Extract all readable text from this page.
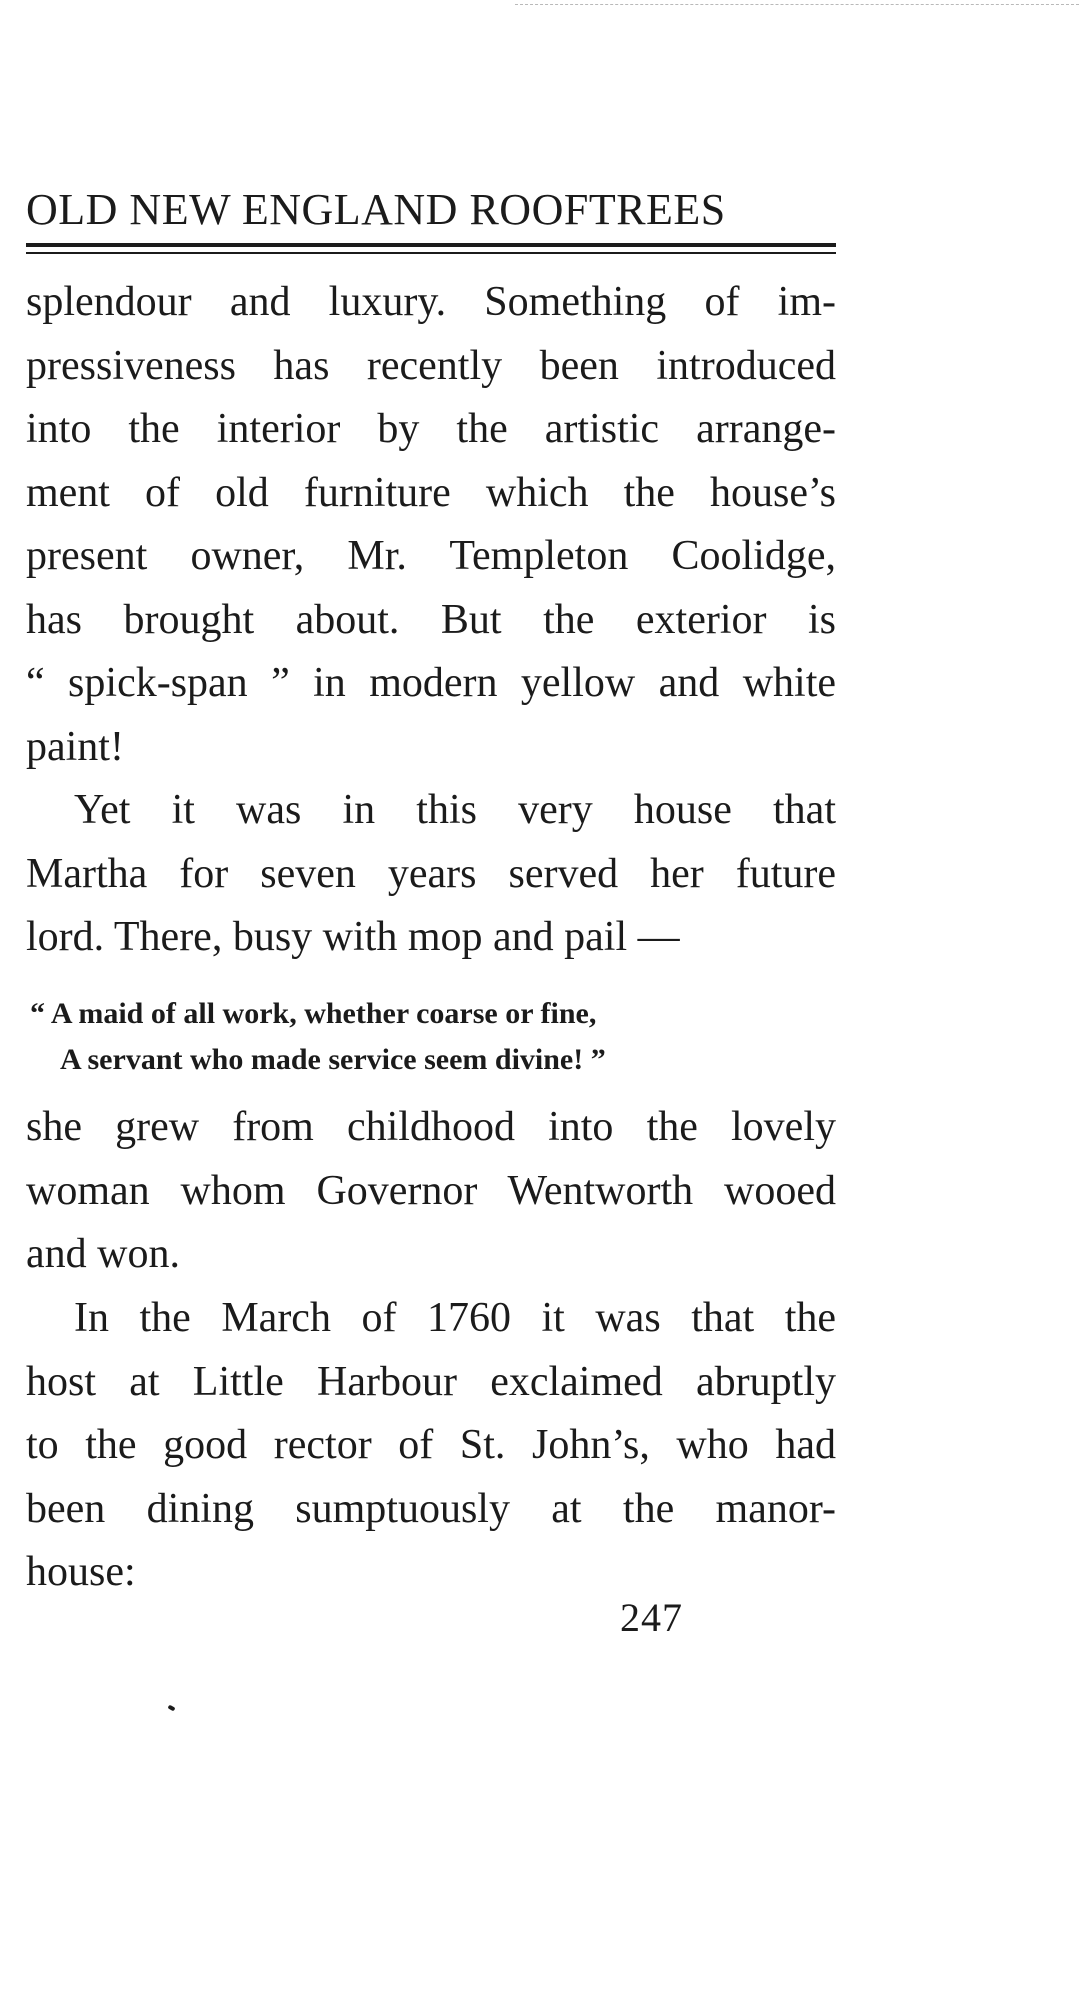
OLD NEW ENGLAND ROOFTREES
splendour and luxury. Something of im-
pressiveness has recently been introduced
into the interior by the artistic arrange-
ment of old furniture which the house’s
present owner, Mr. Templeton Coolidge,
has brought about. But the exterior is
“ spick-span ” in modern yellow and white
paint!
Yet it was in this very house that
Martha for seven years served her future
lord. There, busy with mop and pail —
“ A maid of all work, whether coarse or fine,
A servant who made service seem divine! ”
she grew from childhood into the lovely
woman whom Governor Wentworth wooed
and won.
In the March of 1760 it was that the
host at Little Harbour exclaimed abruptly
to the good rector of St. John’s, who had
been dining sumptuously at the manor-
house:
247
